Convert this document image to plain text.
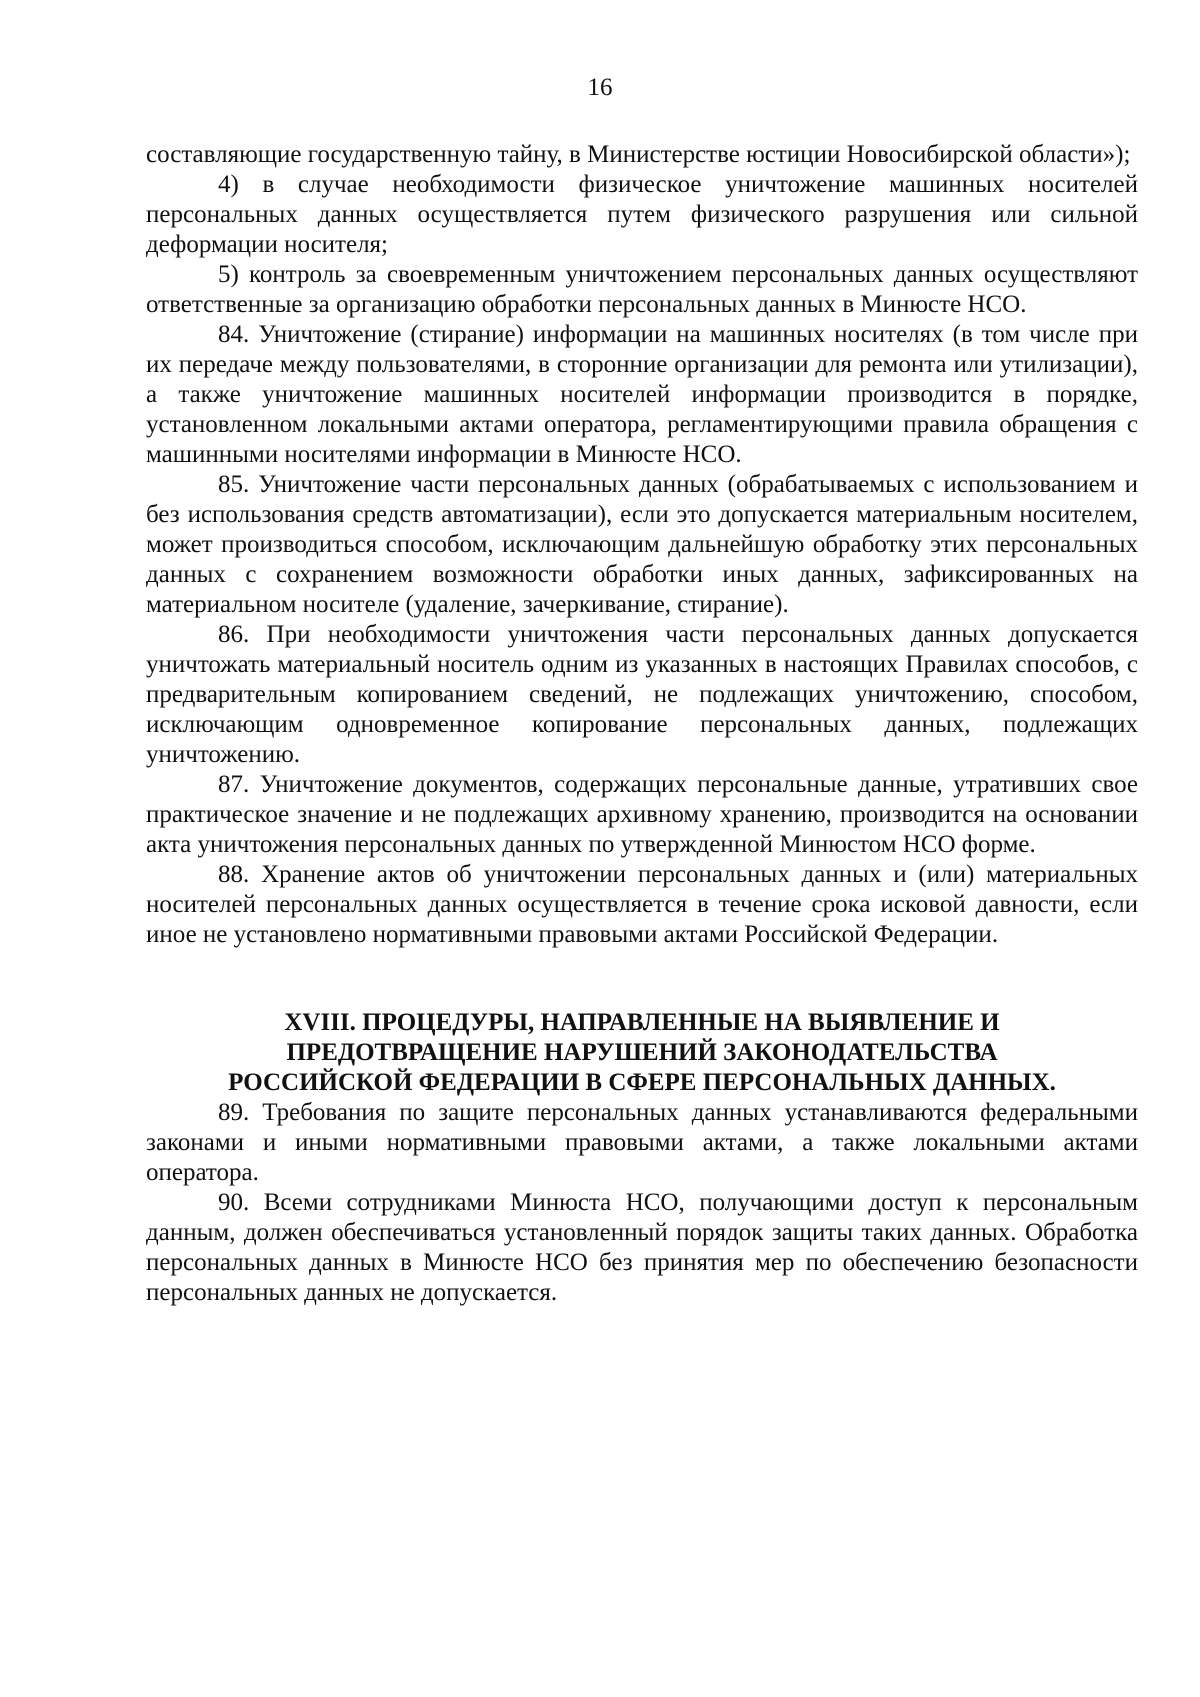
16

составляющие государственную тайну, в Министерстве юстиции Новосибирской области»);

4) в случае необходимости физическое уничтожение машинных носителей персональных данных осуществляется путем физического разрушения или сильной деформации носителя;

5) контроль за своевременным уничтожением персональных данных осуществляют ответственные за организацию обработки персональных данных в Минюсте НСО.

84. Уничтожение (стирание) информации на машинных носителях (в том числе при их передаче между пользователями, в сторонние организации для ремонта или утилизации), а также уничтожение машинных носителей информации производится в порядке, установленном локальными актами оператора, регламентирующими правила обращения с машинными носителями информации в Минюсте НСО.

85. Уничтожение части персональных данных (обрабатываемых с использованием и без использования средств автоматизации), если это допускается материальным носителем, может производиться способом, исключающим дальнейшую обработку этих персональных данных с сохранением возможности обработки иных данных, зафиксированных на материальном носителе (удаление, зачеркивание, стирание).

86. При необходимости уничтожения части персональных данных допускается уничтожать материальный носитель одним из указанных в настоящих Правилах способов, с предварительным копированием сведений, не подлежащих уничтожению, способом, исключающим одновременное копирование персональных данных, подлежащих уничтожению.

87. Уничтожение документов, содержащих персональные данные, утративших свое практическое значение и не подлежащих архивному хранению, производится на основании акта уничтожения персональных данных по утвержденной Минюстом НСО форме.

88. Хранение актов об уничтожении персональных данных и (или) материальных носителей персональных данных осуществляется в течение срока исковой давности, если иное не установлено нормативными правовыми актами Российской Федерации.

XVIII. ПРОЦЕДУРЫ, НАПРАВЛЕННЫЕ НА ВЫЯВЛЕНИЕ И
ПРЕДОТВРАЩЕНИЕ НАРУШЕНИЙ ЗАКОНОДАТЕЛЬСТВА
РОССИЙСКОЙ ФЕДЕРАЦИИ В СФЕРЕ ПЕРСОНАЛЬНЫХ ДАННЫХ.

89. Требования по защите персональных данных устанавливаются федеральными законами и иными нормативными правовыми актами, а также локальными актами оператора.

90. Всеми сотрудниками Минюста НСО, получающими доступ к персональным данным, должен обеспечиваться установленный порядок защиты таких данных. Обработка персональных данных в Минюсте НСО без принятия мер по обеспечению безопасности персональных данных не допускается.
